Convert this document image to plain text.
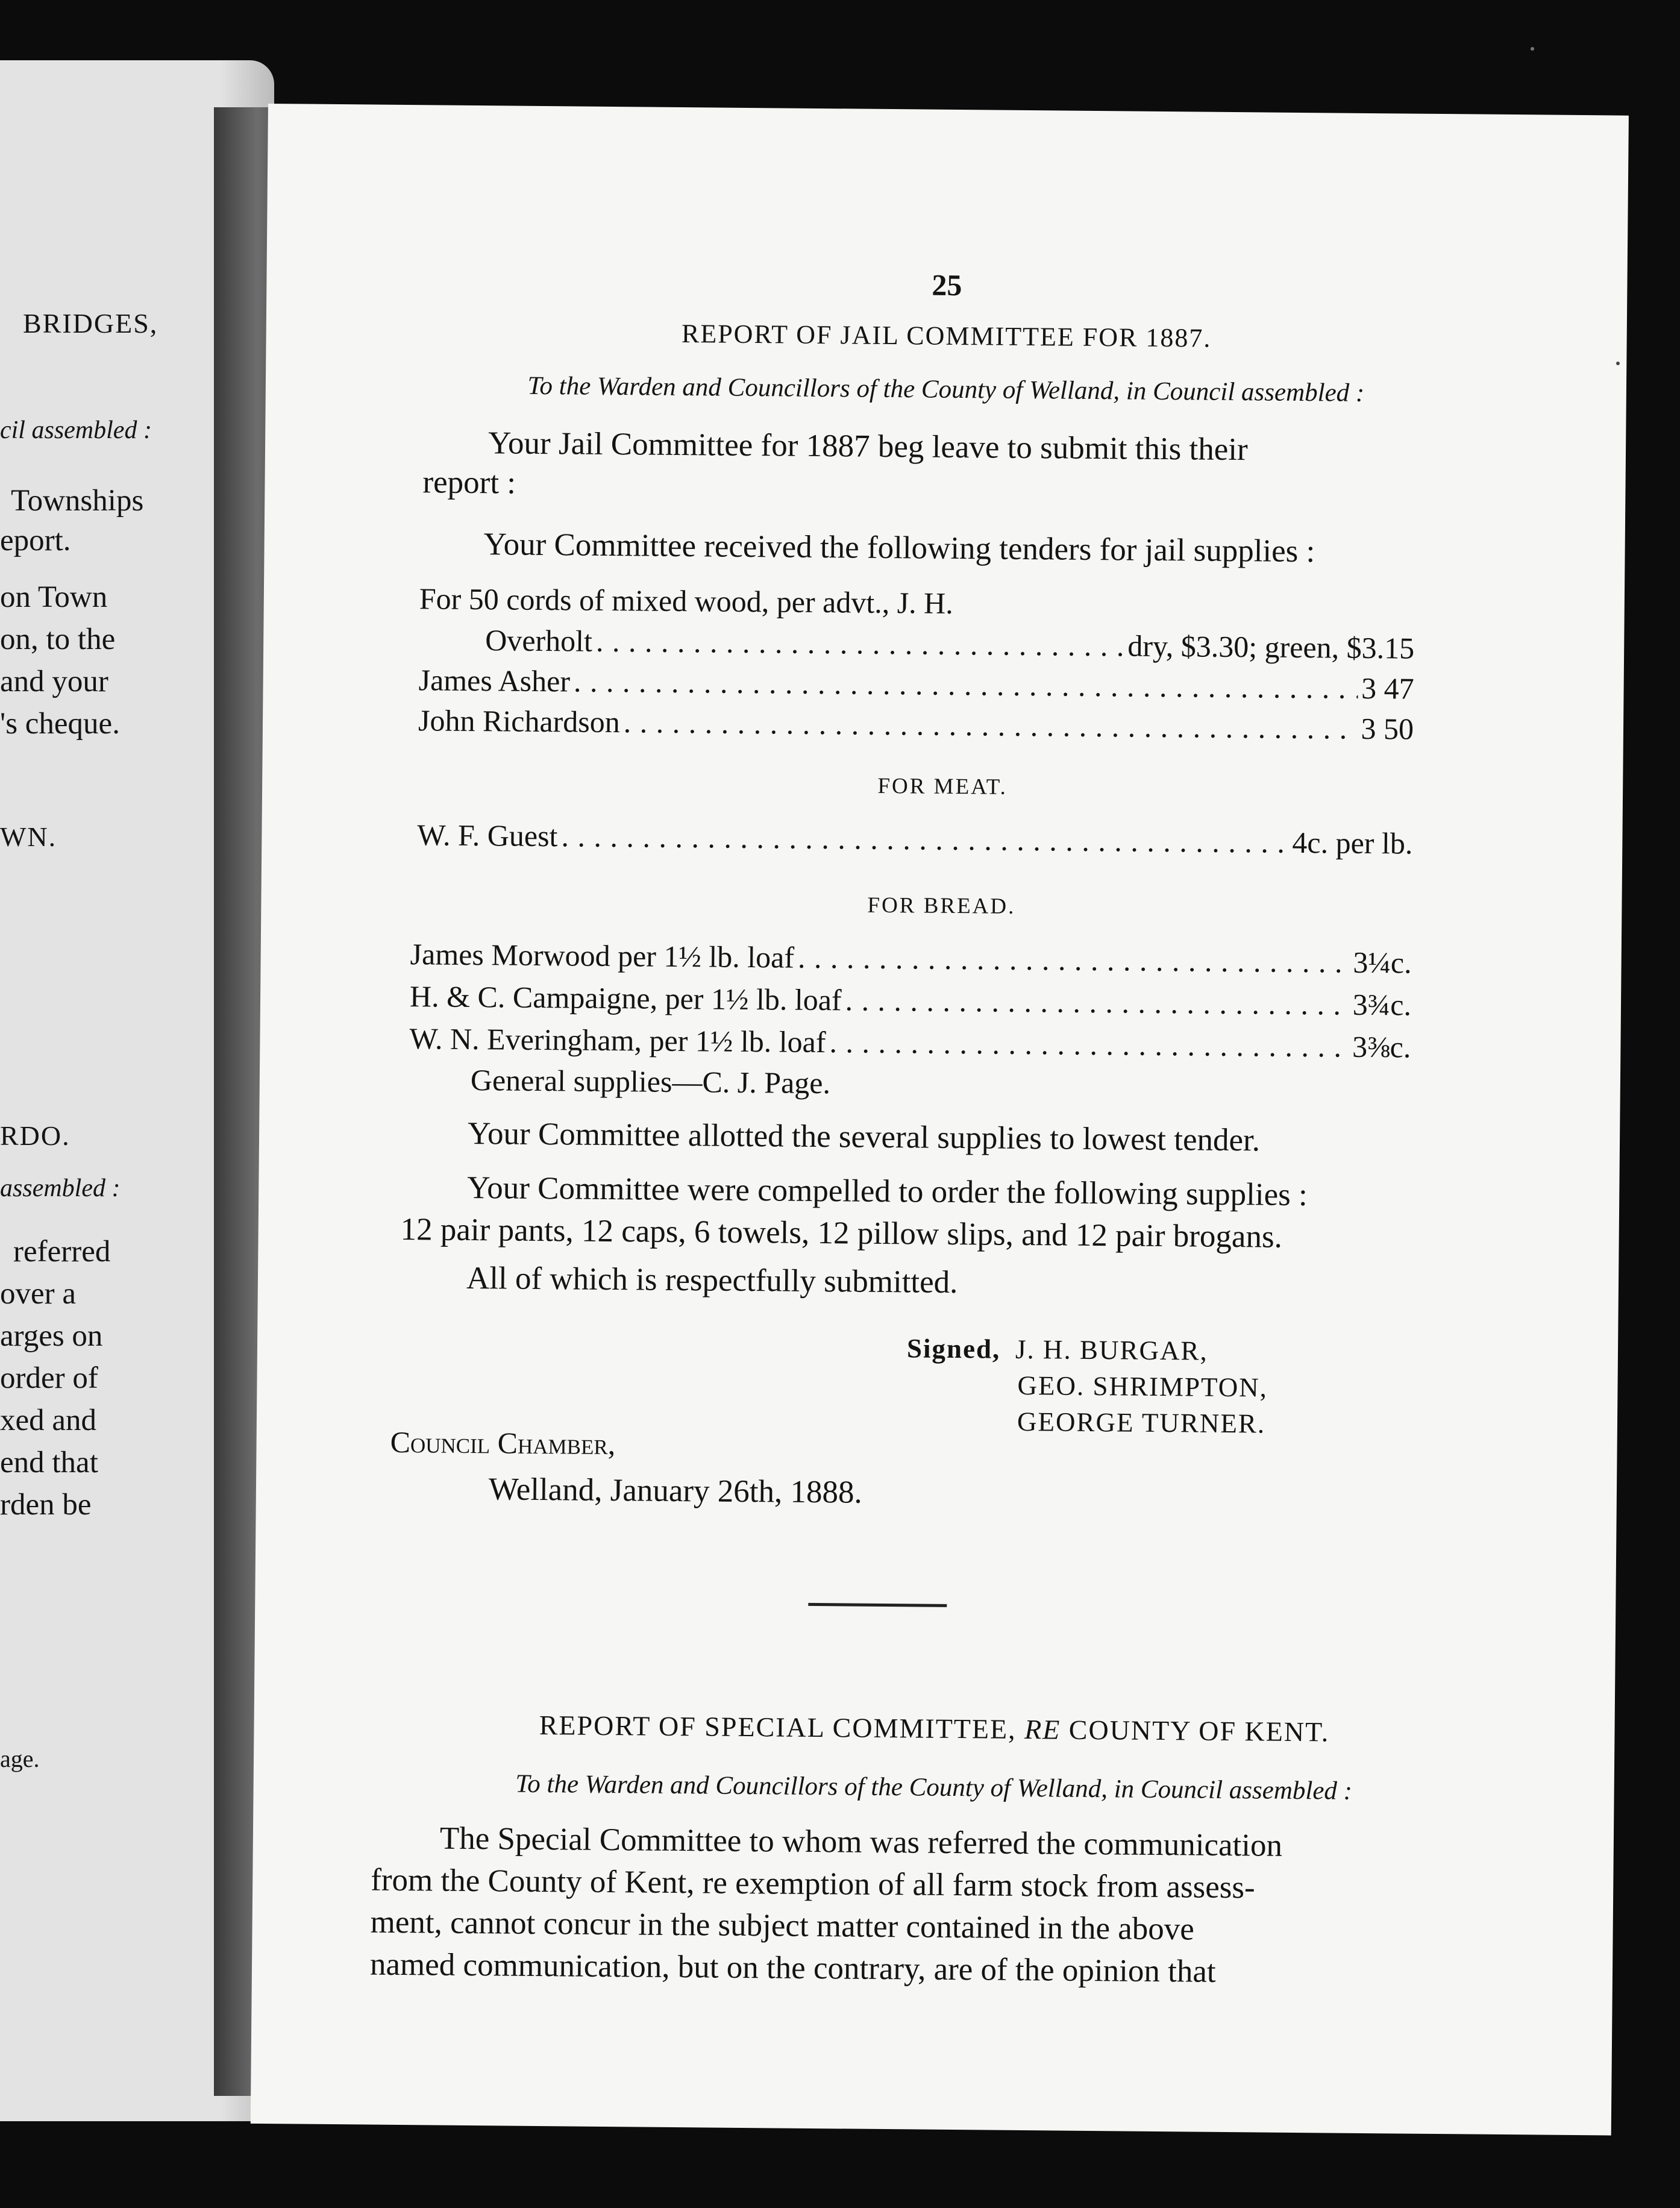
BRIDGES,
cil assembled :
Townships
eport.
on Town
on, to the
and your
's cheque.
WN.
RDO.
assembled :
referred
over a
arges on
order of
xed and
end that
rden be
age.
25
REPORT OF JAIL COMMITTEE FOR 1887.
To the Warden and Councillors of the County of Welland, in Council assembled :
Your Jail Committee for 1887 beg leave to submit this their
report :
Your Committee received the following tenders for jail supplies :
For 50 cords of mixed wood, per advt., J. H.
Overholt . . .	dry, $3.30; green, $3.15
James Asher . . .	3 47
John Richardson . . .	3 50
FOR MEAT.
W. F. Guest . . .	4c. per lb.
FOR BREAD.
James Morwood per 1½ lb. loaf . . .	3¼c.
H. & C. Campaigne, per 1½ lb. loaf . . .	3¾c.
W. N. Everingham, per 1½ lb. loaf . . .	3⅜c.
General supplies—C. J. Page.
Your Committee allotted the several supplies to lowest tender.
Your Committee were compelled to order the following supplies :
12 pair pants, 12 caps, 6 towels, 12 pillow slips, and 12 pair brogans.
All of which is respectfully submitted.
Signed, J. H. BURGAR,
GEO. SHRIMPTON,
GEORGE TURNER.
Council Chamber,
Welland, January 26th, 1888.
REPORT OF SPECIAL COMMITTEE, RE COUNTY OF KENT.
To the Warden and Councillors of the County of Welland, in Council assembled :
The Special Committee to whom was referred the communication
from the County of Kent, re exemption of all farm stock from assess-
ment, cannot concur in the subject matter contained in the above
named communication, but on the contrary, are of the opinion that
